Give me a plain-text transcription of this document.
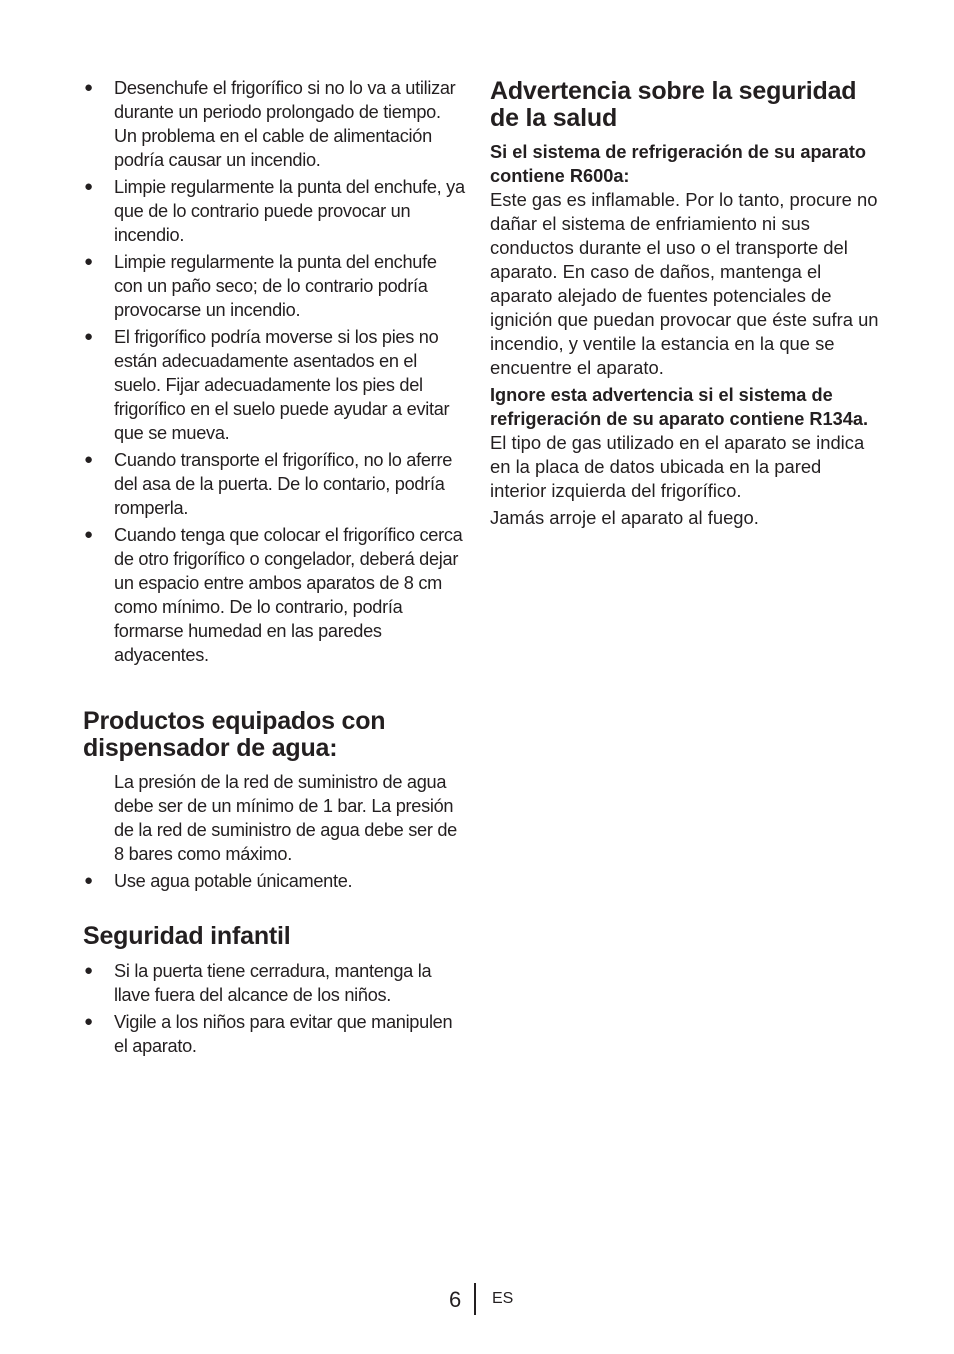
● Desenchufe el frigorífico si no lo va a utilizar durante un periodo prolongado de tiempo. Un problema en el cable de alimentación podría causar un incendio.
● Limpie regularmente la punta del enchufe, ya que de lo contrario puede provocar un incendio.
● Limpie regularmente la punta del enchufe con un paño seco; de lo contrario podría provocarse un incendio.
● El frigorífico podría moverse si los pies no están adecuadamente asentados en el suelo. Fijar adecuadamente los pies del frigorífico en el suelo puede ayudar a evitar que se mueva.
● Cuando transporte el frigorífico, no lo aferre del asa de la puerta. De lo contario, podría romperla.
● Cuando tenga que colocar el frigorífico cerca de otro frigorífico o congelador, deberá dejar un espacio entre ambos aparatos de 8 cm como mínimo. De lo contrario, podría formarse humedad en las paredes adyacentes.
Productos equipados con dispensador de agua:

La presión de la red de suministro de agua debe ser de un mínimo de 1 bar. La presión de la red de suministro de agua debe ser de 8 bares como máximo.

● Use agua potable únicamente.
Seguridad infantil
● Si la puerta tiene cerradura, mantenga la llave fuera del alcance de los niños.
● Vigile a los niños para evitar que manipulen el aparato.
Advertencia sobre la seguridad de la salud

Si el sistema de refrigeración de su aparato contiene R600a:

Este gas es inflamable. Por lo tanto, procure no dañar el sistema de enfriamiento ni sus conductos durante el uso o el transporte del aparato. En caso de daños, mantenga el aparato alejado de fuentes potenciales de ignición que puedan provocar que éste sufra un incendio, y ventile la estancia en la que se encuentre el aparato.

Ignore esta advertencia si el sistema de refrigeración de su aparato contiene R134a.

El tipo de gas utilizado en el aparato se indica en la placa de datos ubicada en la pared interior izquierda del frigorífico.

Jamás arroje el aparato al fuego.

6 ES
